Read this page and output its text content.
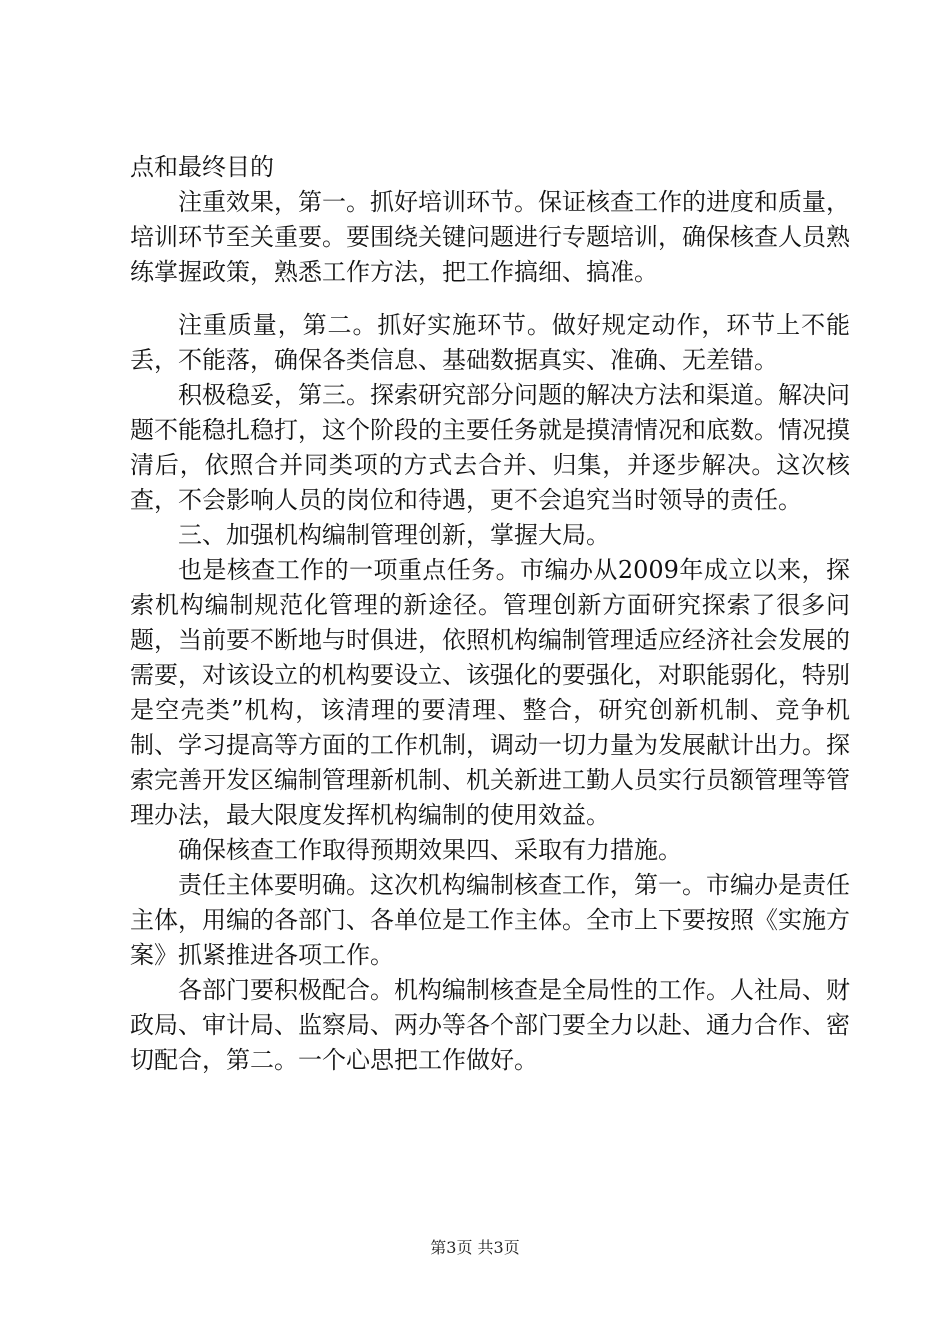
点和最终目的

注重效果，第一。抓好培训环节。保证核查工作的进度和质量，培训环节至关重要。要围绕关键问题进行专题培训，确保核查人员熟练掌握政策，熟悉工作方法，把工作搞细、搞准。

注重质量，第二。抓好实施环节。做好规定动作，环节上不能丢，不能落，确保各类信息、基础数据真实、准确、无差错。

积极稳妥，第三。探索研究部分问题的解决方法和渠道。解决问题不能稳扎稳打，这个阶段的主要任务就是摸清情况和底数。情况摸清后，依照合并同类项的方式去合并、归集，并逐步解决。这次核查，不会影响人员的岗位和待遇，更不会追究当时领导的责任。

三、加强机构编制管理创新，掌握大局。

也是核查工作的一项重点任务。市编办从2009年成立以来，探索机构编制规范化管理的新途径。管理创新方面研究探索了很多问题，当前要不断地与时俱进，依照机构编制管理适应经济社会发展的需要，对该设立的机构要设立、该强化的要强化，对职能弱化，特别是空壳类”机构，该清理的要清理、整合，研究创新机制、竞争机制、学习提高等方面的工作机制，调动一切力量为发展献计出力。探索完善开发区编制管理新机制、机关新进工勤人员实行员额管理等管理办法，最大限度发挥机构编制的使用效益。

确保核查工作取得预期效果四、采取有力措施。

责任主体要明确。这次机构编制核查工作，第一。市编办是责任主体，用编的各部门、各单位是工作主体。全市上下要按照《实施方案》抓紧推进各项工作。

各部门要积极配合。机构编制核查是全局性的工作。人社局、财政局、审计局、监察局、两办等各个部门要全力以赴、通力合作、密切配合，第二。一个心思把工作做好。

第3页 共3页
